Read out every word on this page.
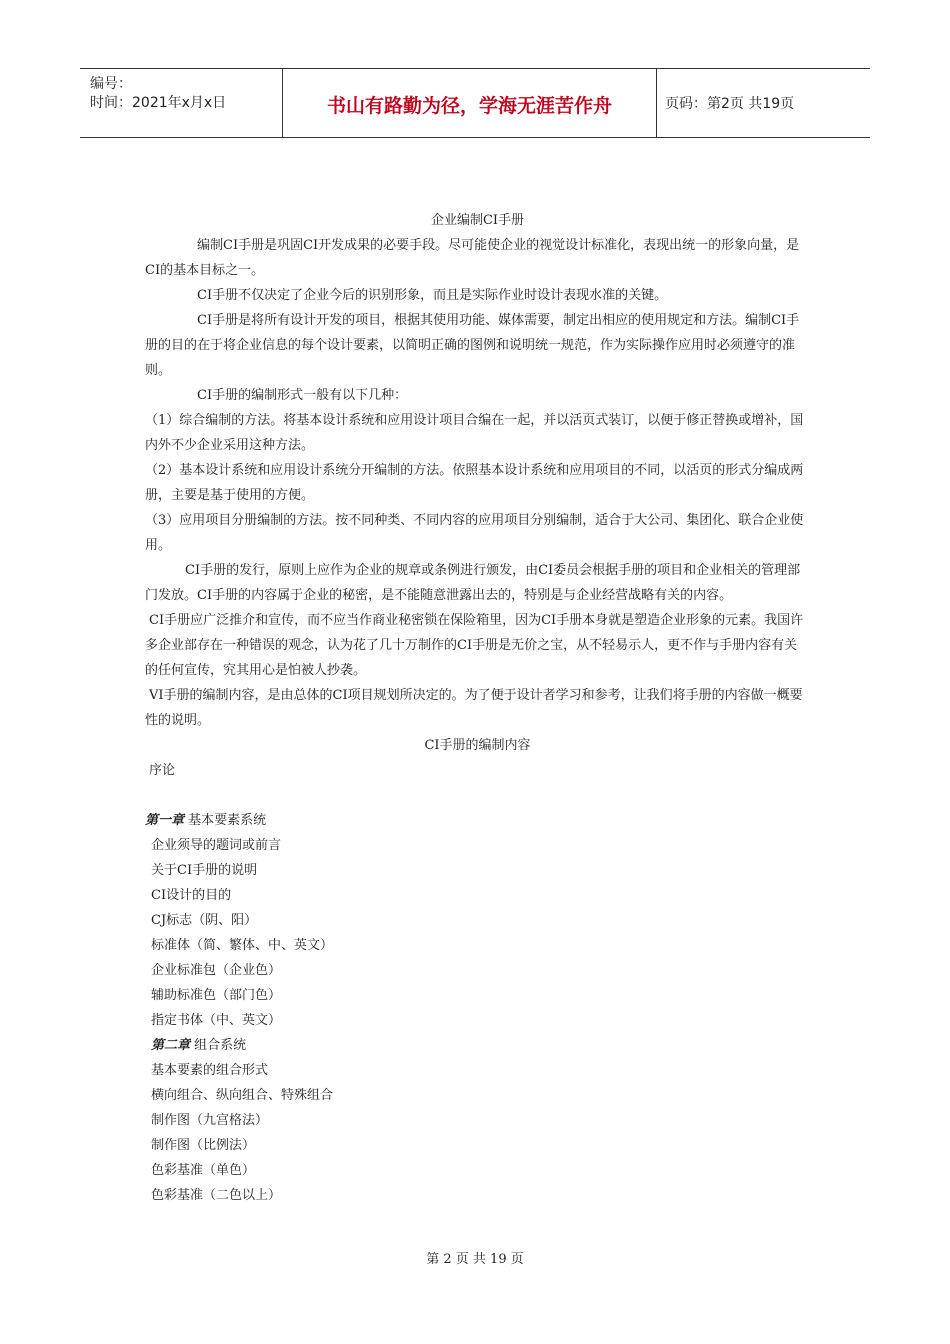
编号：
时间：2021年x月x日	书山有路勤为径，学海无涯苦作舟	页码：第2页 共19页

企业编制CI手册

编制CI手册是巩固CI开发成果的必要手段。尽可能使企业的视觉设计标准化，表现出统一的形象向量，是CI的基本目标之一。

CI手册不仅决定了企业今后的识别形象，而且是实际作业时设计表现水准的关键。

CI手册是将所有设计开发的项目，根据其使用功能、媒体需要，制定出相应的使用规定和方法。编制CI手册的目的在于将企业信息的每个设计要素，以简明正确的图例和说明统一规范，作为实际操作应用时必须遵守的准则。

CI手册的编制形式一般有以下几种：

（1）综合编制的方法。将基本设计系统和应用设计项目合编在一起，并以活页式装订，以便于修正替换或增补，国内外不少企业采用这种方法。

（2）基本设计系统和应用设计系统分开编制的方法。依照基本设计系统和应用项目的不同，以活页的形式分编成两册，主要是基于使用的方便。

（3）应用项目分册编制的方法。按不同种类、不同内容的应用项目分别编制，适合于大公司、集团化、联合企业使用。

CI手册的发行，原则上应作为企业的规章或条例进行颁发，由CI委员会根据手册的项目和企业相关的管理部门发放。CI手册的内容属于企业的秘密，是不能随意泄露出去的，特别是与企业经营战略有关的内容。

CI手册应广泛推介和宣传，而不应当作商业秘密锁在保险箱里，因为CI手册本身就是塑造企业形象的元素。我国许多企业部存在一种错误的观念，认为花了几十万制作的CI手册是无价之宝，从不轻易示人，更不作与手册内容有关的任何宣传，究其用心是怕被人抄袭。

VI手册的编制内容，是由总体的CI项目规划所决定的。为了便于设计者学习和参考，让我们将手册的内容做一概要性的说明。

CI手册的编制内容

序论

第一章 基本要素系统

企业须导的题词或前言

关于CI手册的说明

CI设计的目的

CJ标志（阴、阳）

标准体（简、繁体、中、英文）

企业标准包（企业色）

辅助标准色（部门色）

指定书体（中、英文）

第二章 组合系统

基本要素的组合形式

横向组合、纵向组合、特殊组合

制作图（九宫格法）

制作图（比例法）

色彩基准（单色）

色彩基准（二色以上）

第 2 页 共 19 页
